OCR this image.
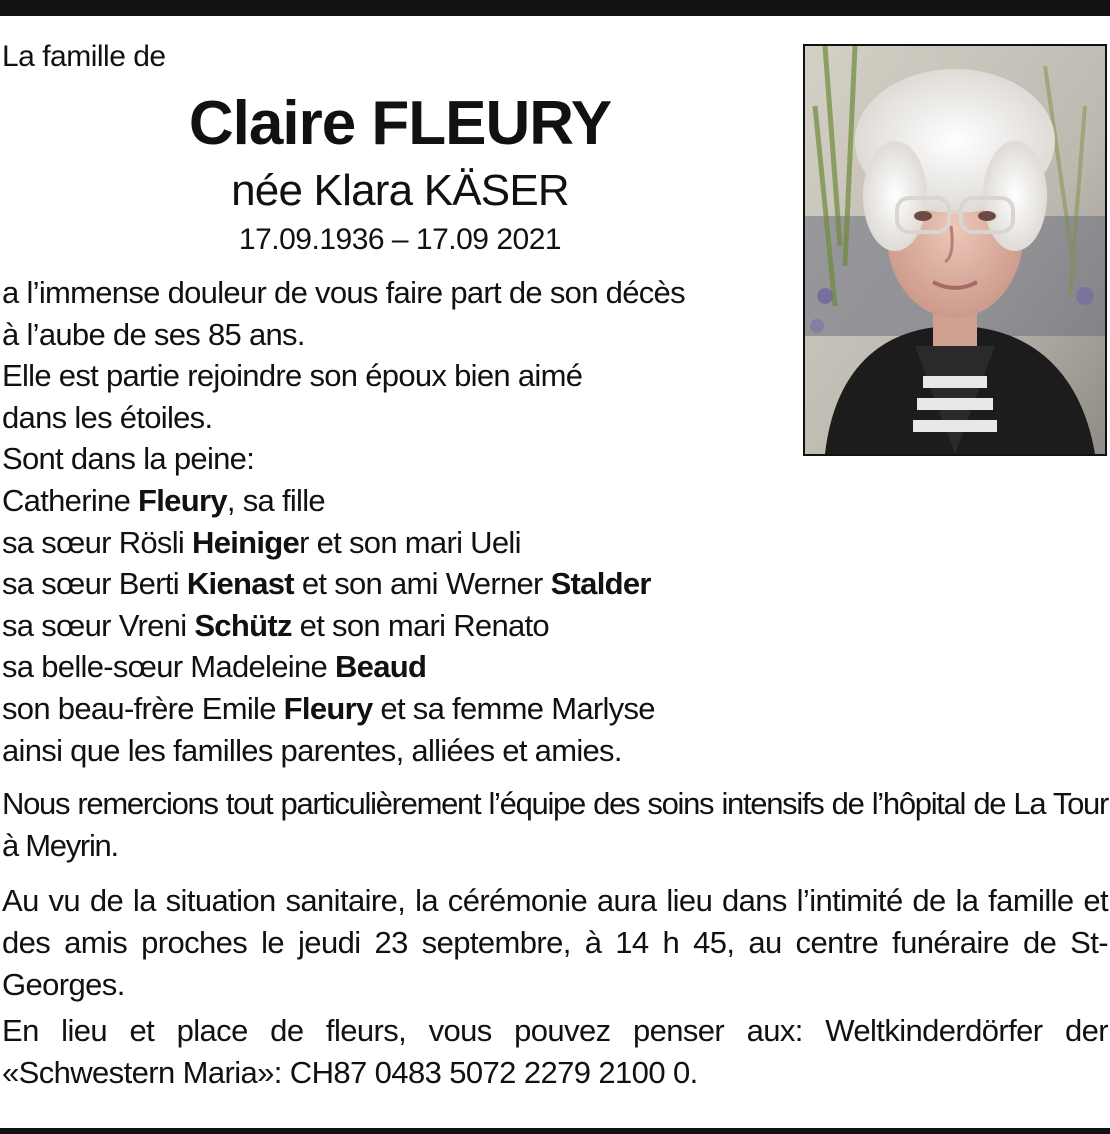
La famille de
Claire FLEURY
née Klara KÄSER
17.09.1936 – 17.09 2021
a l’immense douleur de vous faire part de son décès
à l’aube de ses 85 ans.
Elle est partie rejoindre son époux bien aimé
dans les étoiles.
Sont dans la peine:
Catherine Fleury, sa fille
sa sœur Rösli Heiniger et son mari Ueli
sa sœur Berti Kienast et son ami Werner Stalder
sa sœur Vreni Schütz et son mari Renato
sa belle-sœur Madeleine Beaud
son beau-frère Emile Fleury et sa femme Marlyse
ainsi que les familles parentes, alliées et amies.
Nous remercions tout particulièrement l’équipe des soins intensifs de l’hôpital de La Tour à Meyrin.
Au vu de la situation sanitaire, la cérémonie aura lieu dans l’intimité de la famille et des amis proches le jeudi 23 septembre, à 14 h 45, au centre funéraire de St-Georges.
En lieu et place de fleurs, vous pouvez penser aux: Weltkinderdörfer der «Schwestern Maria»: CH87 0483 5072 2279 2100 0.
